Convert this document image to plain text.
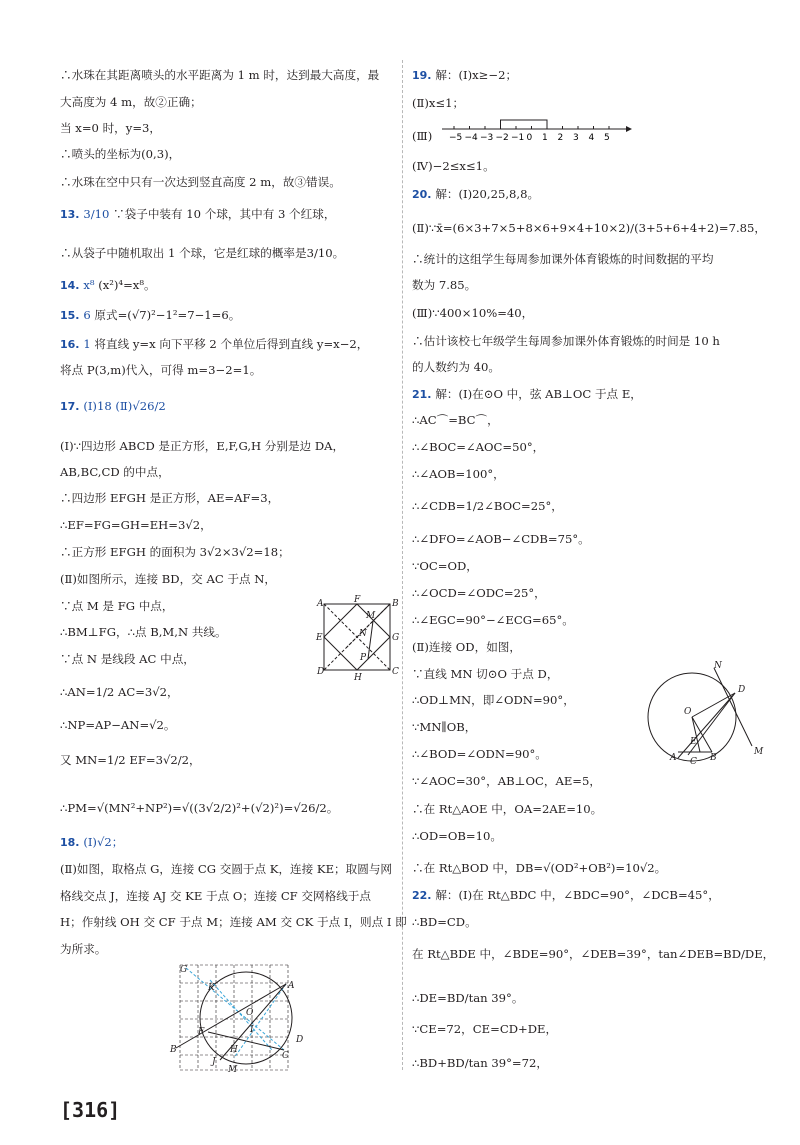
∴水珠在其距离喷头的水平距离为 1 m 时，达到最大高度，最
大高度为 4 m，故②正确；
当 x=0 时，y=3，
∴喷头的坐标为(0,3)，
∴水珠在空中只有一次达到竖直高度 2 m，故③错误。
13. 3/10 ∵袋子中装有 10 个球，其中有 3 个红球，
∴从袋子中随机取出 1 个球，它是红球的概率是3/10。
14. x⁸ (x²)⁴=x⁸。
15. 6 原式=(√7)²−1²=7−1=6。
16. 1 将直线 y=x 向下平移 2 个单位后得到直线 y=x−2，
将点 P(3,m)代入，可得 m=3−2=1。
17. (Ⅰ)18 (Ⅱ)√26/2
(Ⅰ)∵四边形 ABCD 是正方形，E,F,G,H 分别是边 DA，
AB,BC,CD 的中点，
∴四边形 EFGH 是正方形，AE=AF=3，
∴EF=FG=GH=EH=3√2，
∴正方形 EFGH 的面积为 3√2×3√2=18；
(Ⅱ)如图所示，连接 BD，交 AC 于点 N，
∵点 M 是 FG 中点，
∴BM⊥FG，∴点 B,M,N 共线。
∵点 N 是线段 AC 中点，
∴AN=1/2 AC=3√2，
∴NP=AP−AN=√2。
又 MN=1/2 EF=3√2/2，
∴PM=√(MN²+NP²)=√((3√2/2)²+(√2)²)=√26/2。
18. (Ⅰ)√2；
(Ⅱ)如图，取格点 G，连接 CG 交圆于点 K，连接 KE；取圆与网
格线交点 J，连接 AJ 交 KE 于点 O；连接 CF 交网格线于点
H；作射线 OH 交 CF 于点 M；连接 AM 交 CK 于点 I，则点 I 即
为所求。
19. 解：(Ⅰ)x≥−2；
(Ⅱ)x≤1；
(Ⅲ)
(Ⅳ)−2≤x≤1。
20. 解：(Ⅰ)20,25,8,8。
(Ⅱ)∵x̄=(6×3+7×5+8×6+9×4+10×2)/(3+5+6+4+2)=7.85，
∴统计的这组学生每周参加课外体育锻炼的时间数据的平均
数为 7.85。
(Ⅲ)∵400×10%=40，
∴估计该校七年级学生每周参加课外体育锻炼的时间是 10 h
的人数约为 40。
21. 解：(Ⅰ)在⊙O 中，弦 AB⊥OC 于点 E，
∴AC⌒=BC⌒，
∴∠BOC=∠AOC=50°，
∴∠AOB=100°，
∴∠CDB=1/2∠BOC=25°，
∴∠DFO=∠AOB−∠CDB=75°。
∵OC=OD，
∴∠OCD=∠ODC=25°，
∴∠EGC=90°−∠ECG=65°。
(Ⅱ)连接 OD，如图，
∵直线 MN 切⊙O 于点 D，
∴OD⊥MN，即∠ODN=90°，
∵MN∥OB，
∴∠BOD=∠ODN=90°。
∵∠AOC=30°，AB⊥OC，AE=5，
∴在 Rt△AOE 中，OA=2AE=10。
∴OD=OB=10。
∴在 Rt△BOD 中，DB=√(OD²+OB²)=10√2。
22. 解：(Ⅰ)在 Rt△BDC 中，∠BDC=90°，∠DCB=45°，
∴BD=CD。
在 Rt△BDE 中，∠BDE=90°，∠DEB=39°，tan∠DEB=BD/DE，
∴DE=BD/tan 39°。
∵CE=72，CE=CD+DE，
∴BD+BD/tan 39°=72，
A	B
C
D
E
F
G
H
M
N
P
G
K	A
O
F	I
D
B	H
J
C
M
−5 −4 −3 −2 −1 0 1 2 3 4 5
N
D
M
O
E
A C B
[316]
